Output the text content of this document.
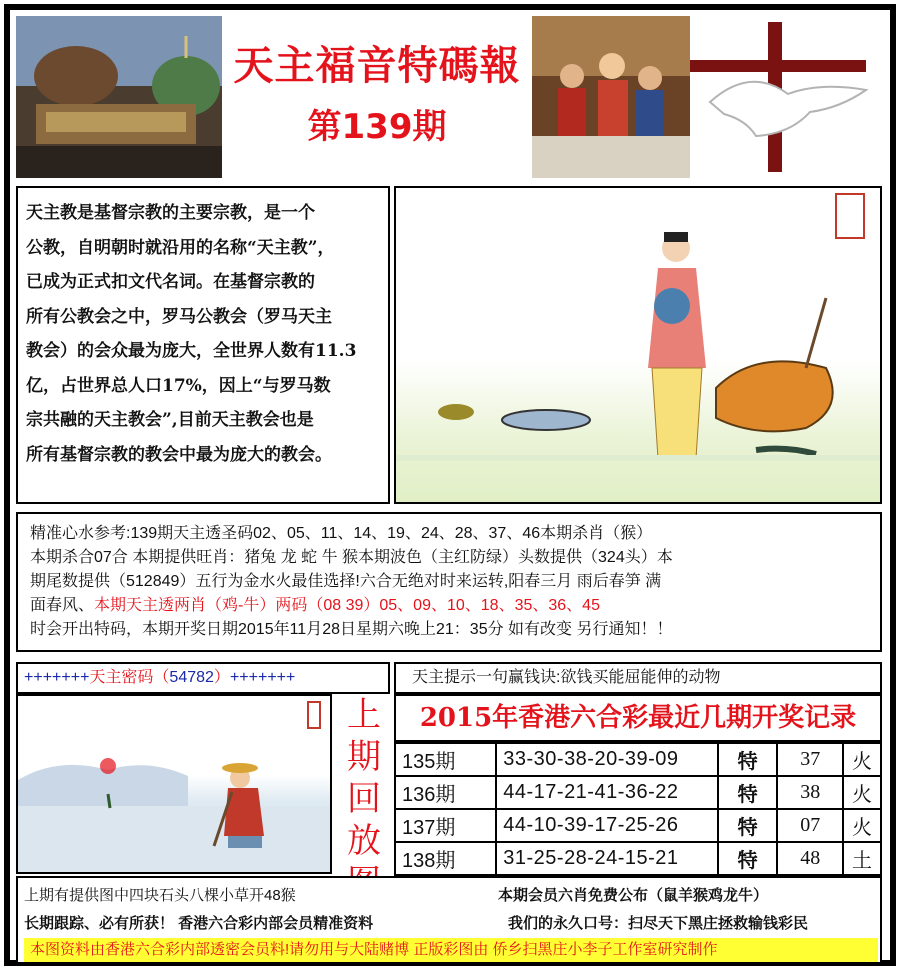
天主福音特碼報
第139期
天主教是基督宗教的主要宗教，是一个
公教，自明朝时就沿用的名称“天主教”，
已成为正式扣文代名词。在基督宗教的
所有公教会之中，罗马公教会（罗马天主
教会）的会众最为庞大，全世界人数有11.3
亿，占世界总人口17%，因上“与罗马数
宗共融的天主教会”,目前天主教会也是
所有基督宗教的教会中最为庞大的教会。
精准心水参考:139期天主透圣码02、05、11、14、19、24、28、37、46本期杀肖（猴）
本期杀合07合 本期提供旺肖：猪兔 龙 蛇 牛 猴本期波色（主红防绿）头数提供（324头）本
期尾数提供（512849）五行为金水火最佳选择!六合无绝对时来运转,阳春三月 雨后春笋 满
面春风、本期天主透两肖（鸡-牛）两码（08 39）05、09、10、18、35、36、45
时会开出特码，本期开奖日期2015年11月28日星期六晚上21：35分 如有改变 另行通知！！
+++++++天主密码（54782）+++++++	天主提示一句赢钱诀:欲钱买能屈能伸的动物
上
期
回
放
2015年香港六合彩最近几期开奖记录
135期	33-30-38-20-39-09	特	37	火
136期	44-17-21-41-36-22	特	38	火
137期	44-10-39-17-25-26	特	07	火
138期	31-25-28-24-15-21	特	48	土
上期有提供图中四块石头八棵小草开48猴	本期会员六肖免费公布（鼠羊猴鸡龙牛）
长期跟踪、必有所获！ 香港六合彩内部会员精准资料	我们的永久口号：扫尽天下黑庄拯救输钱彩民
本图资料由香港六合彩内部透密会员料!请勿用与大陆赌博 正版彩图由 侨乡扫黑庄小李子工作室研究制作
